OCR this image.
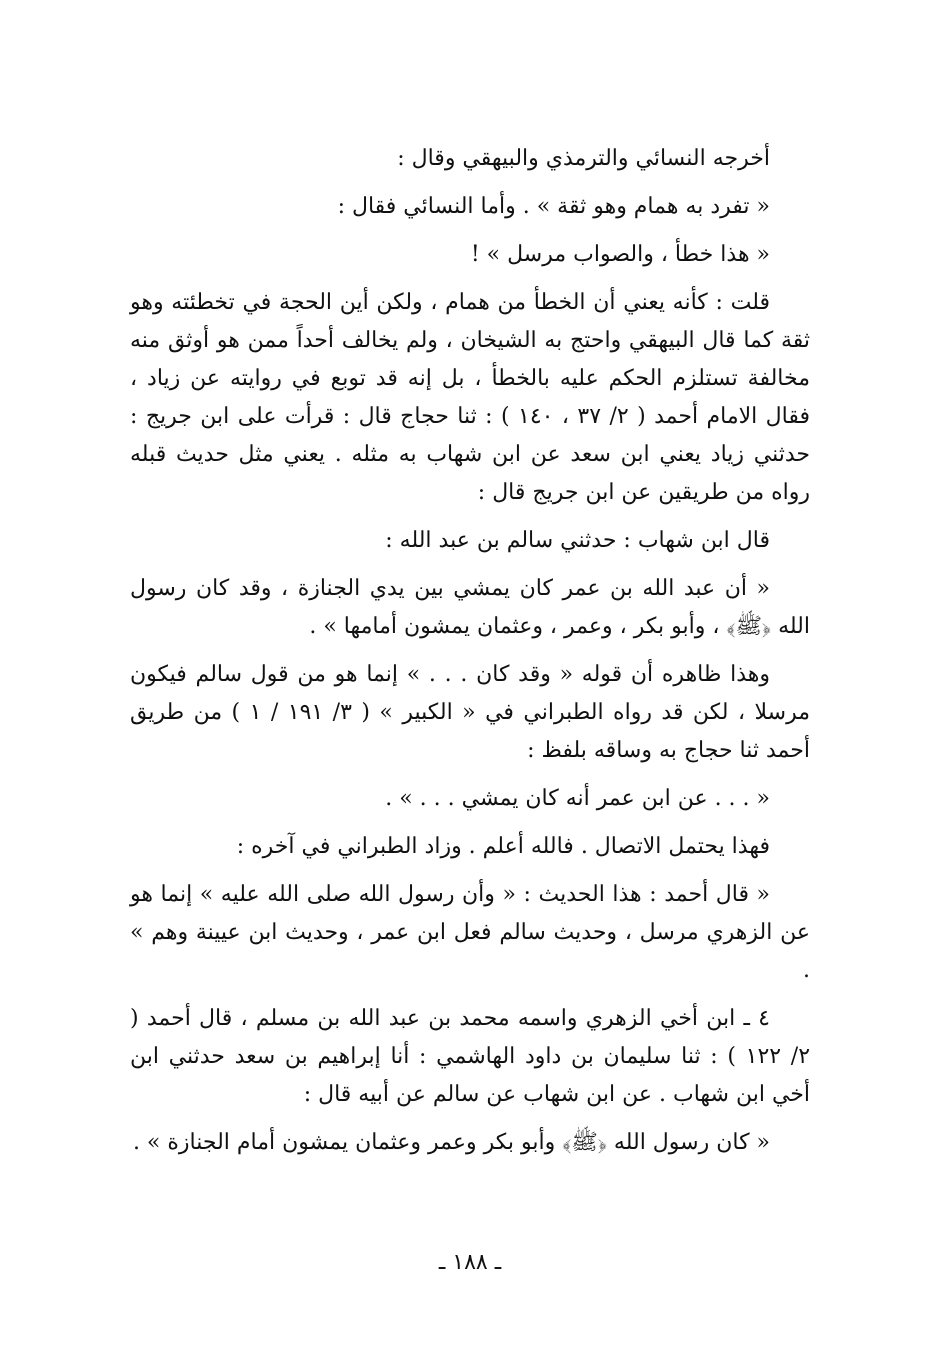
أخرجه النسائي والترمذي والبيهقي وقال :

« تفرد به همام وهو ثقة » . وأما النسائي فقال :

« هذا خطأ ، والصواب مرسل » !

قلت : كأنه يعني أن الخطأ من همام ، ولكن أين الحجة في تخطئته وهو ثقة كما قال البيهقي واحتج به الشيخان ، ولم يخالف أحداً ممن هو أوثق منه مخالفة تستلزم الحكم عليه بالخطأ ، بل إنه قد توبع في روايته عن زياد ، فقال الامام أحمد ( ٢/ ٣٧ ، ١٤٠ ) : ثنا حجاج قال : قرأت على ابن جريج : حدثني زياد يعني ابن سعد عن ابن شهاب به مثله . يعني مثل حديث قبله رواه من طريقين عن ابن جريج قال :

قال ابن شهاب : حدثني سالم بن عبد الله :

« أن عبد الله بن عمر كان يمشي بين يدي الجنازة ، وقد كان رسول الله ﴿ﷺ﴾ ، وأبو بكر ، وعمر ، وعثمان يمشون أمامها » .

وهذا ظاهره أن قوله « وقد كان . . . » إنما هو من قول سالم فيكون مرسلا ، لكن قد رواه الطبراني في « الكبير » ( ٣/ ١٩١ / ١ ) من طريق أحمد ثنا حجاج به وساقه بلفظ :

« . . . عن ابن عمر أنه كان يمشي . . . » .

فهذا يحتمل الاتصال . فالله أعلم . وزاد الطبراني في آخره :

« قال أحمد : هذا الحديث : « وأن رسول الله صلى الله عليه » إنما هو عن الزهري مرسل ، وحديث سالم فعل ابن عمر ، وحديث ابن عيينة وهم » .

٤ ـ ابن أخي الزهري واسمه محمد بن عبد الله بن مسلم ، قال أحمد ( ٢/ ١٢٢ ) : ثنا سليمان بن داود الهاشمي : أنا إبراهيم بن سعد حدثني ابن أخي ابن شهاب . عن ابن شهاب عن سالم عن أبيه قال :

« كان رسول الله ﴿ﷺ﴾ وأبو بكر وعمر وعثمان يمشون أمام الجنازة » .

ـ ١٨٨ ـ
